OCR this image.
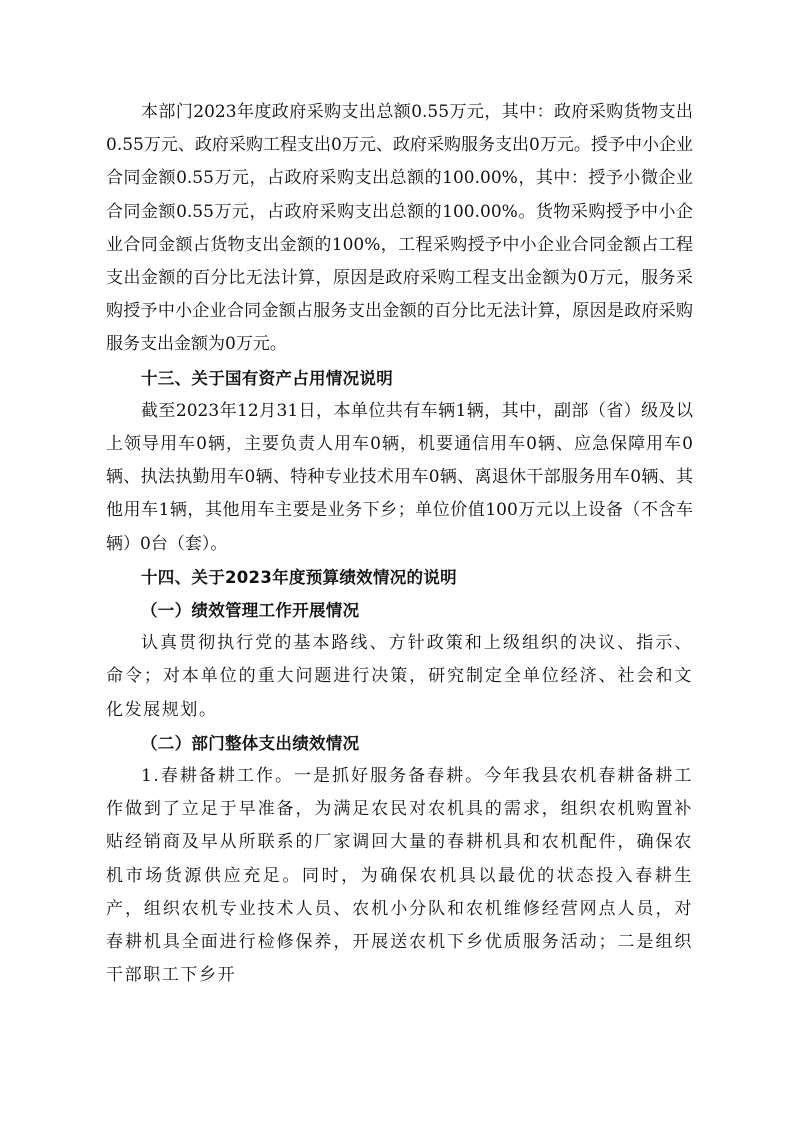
本部门2023年度政府采购支出总额0.55万元，其中：政府采购货物支出0.55万元、政府采购工程支出0万元、政府采购服务支出0万元。授予中小企业合同金额0.55万元，占政府采购支出总额的100.00%，其中：授予小微企业合同金额0.55万元，占政府采购支出总额的100.00%。货物采购授予中小企业合同金额占货物支出金额的100%，工程采购授予中小企业合同金额占工程支出金额的百分比无法计算，原因是政府采购工程支出金额为0万元，服务采购授予中小企业合同金额占服务支出金额的百分比无法计算，原因是政府采购服务支出金额为0万元。

十三、关于国有资产占用情况说明

截至2023年12月31日，本单位共有车辆1辆，其中，副部（省）级及以上领导用车0辆，主要负责人用车0辆，机要通信用车0辆、应急保障用车0辆、执法执勤用车0辆、特种专业技术用车0辆、离退休干部服务用车0辆、其他用车1辆，其他用车主要是业务下乡；单位价值100万元以上设备（不含车辆）0台（套）。

十四、关于2023年度预算绩效情况的说明

（一）绩效管理工作开展情况

认真贯彻执行党的基本路线、方针政策和上级组织的决议、指示、命令；对本单位的重大问题进行决策，研究制定全单位经济、社会和文化发展规划。

（二）部门整体支出绩效情况

1.春耕备耕工作。一是抓好服务备春耕。今年我县农机春耕备耕工作做到了立足于早准备，为满足农民对农机具的需求，组织农机购置补贴经销商及早从所联系的厂家调回大量的春耕机具和农机配件，确保农机市场货源供应充足。同时，为确保农机具以最优的状态投入春耕生产，组织农机专业技术人员、农机小分队和农机维修经营网点人员，对春耕机具全面进行检修保养，开展送农机下乡优质服务活动；二是组织干部职工下乡开
